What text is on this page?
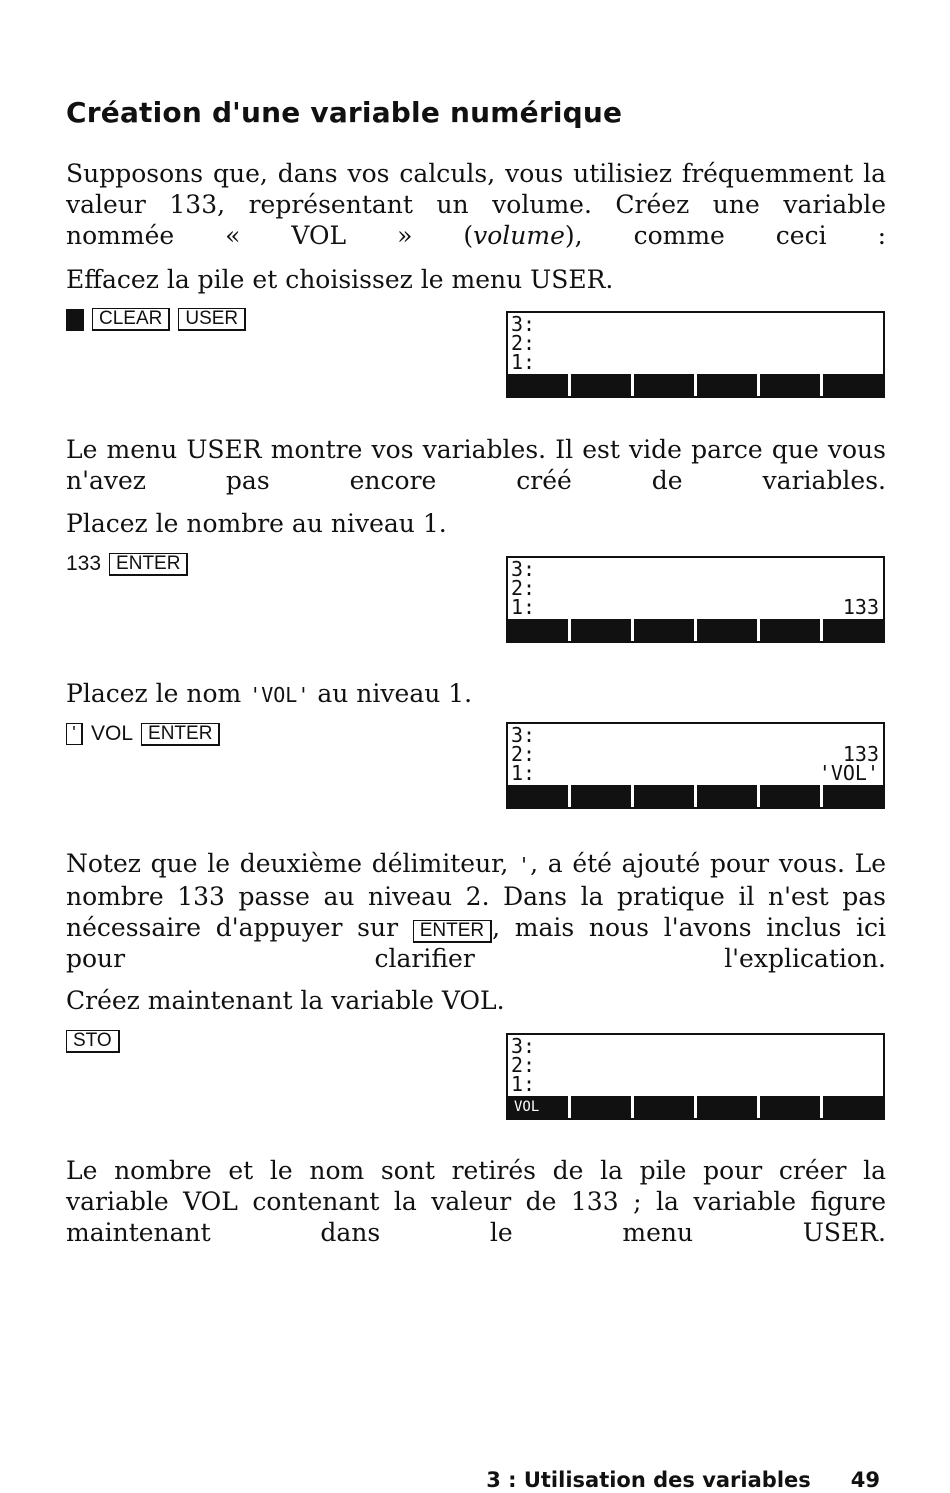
Création d'une variable numérique
Supposons que, dans vos calculs, vous utilisiez fréquemment la valeur 133, représentant un volume. Créez une variable nommée « VOL » (volume), comme ceci :
Effacez la pile et choisissez le menu USER.
CLEAR	USER	3:
2:
1:
Le menu USER montre vos variables. Il est vide parce que vous n'avez pas encore créé de variables.
Placez le nombre au niveau 1.
133 ENTER	3:
2:
1:	133
Placez le nom 'VOL' au niveau 1.
' VOL ENTER	3:
2:	133
1:	'VOL'
Notez que le deuxième délimiteur, ', a été ajouté pour vous. Le nombre 133 passe au niveau 2. Dans la pratique il n'est pas nécessaire d'appuyer sur ENTER , mais nous l'avons inclus ici pour clarifier l'explication.
Créez maintenant la variable VOL.
STO	3:
2:
1:
VOL
Le nombre et le nom sont retirés de la pile pour créer la variable VOL contenant la valeur de 133 ; la variable figure maintenant dans le menu USER.
3 : Utilisation des variables 49
